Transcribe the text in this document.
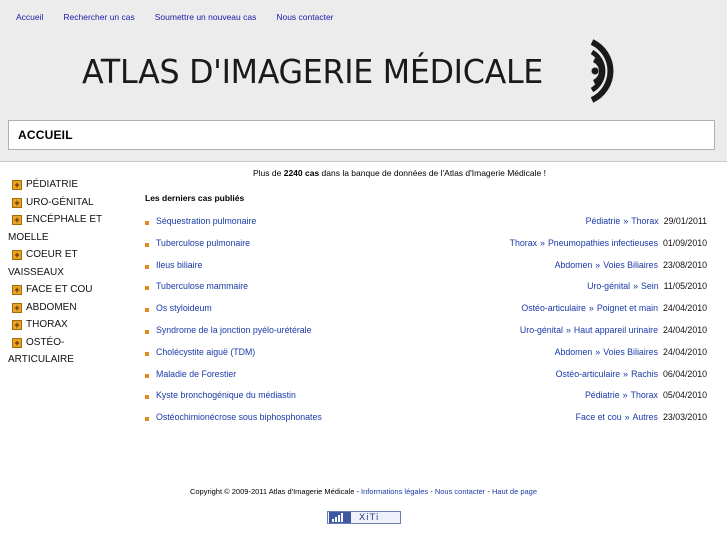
Accueil Rechercher un cas Soumettre un nouveau cas Nous contacter
ATLAS D'IMAGERIE MÉDICALE
ACCUEIL
+ PÉDIATRIE
+ URO-GÉNITAL
+ ENCÉPHALE ET MOELLE
+ COEUR ET VAISSEAUX
+ FACE ET COU
+ ABDOMEN
+ THORAX
+ OSTÉO-ARTICULAIRE
Plus de 2240 cas dans la banque de données de l'Atlas d'Imagerie Médicale !
Les derniers cas publiés
Séquestration pulmonaire	Pédiatrie » Thorax 29/01/2011
Tuberculose pulmonaire	Thorax » Pneumopathies infectieuses 01/09/2010
Ileus biliaire	Abdomen » Voies Biliaires 23/08/2010
Tuberculose mammaire	Uro-génital » Sein 11/05/2010
Os styloideum	Ostéo-articulaire » Poignet et main 24/04/2010
Syndrome de la jonction pyélo-urétérale	Uro-génital » Haut appareil urinaire 24/04/2010
Cholécystite aiguë (TDM)	Abdomen » Voies Biliaires 24/04/2010
Maladie de Forestier	Ostéo-articulaire » Rachis 06/04/2010
Kyste bronchogénique du médiastin	Pédiatrie » Thorax 05/04/2010
Ostéochimionécrose sous biphosphonates	Face et cou » Autres 23/03/2010
Copyright © 2009-2011 Atlas d'Imagerie Médicale - Informations légales - Nous contacter - Haut de page
XiTi
